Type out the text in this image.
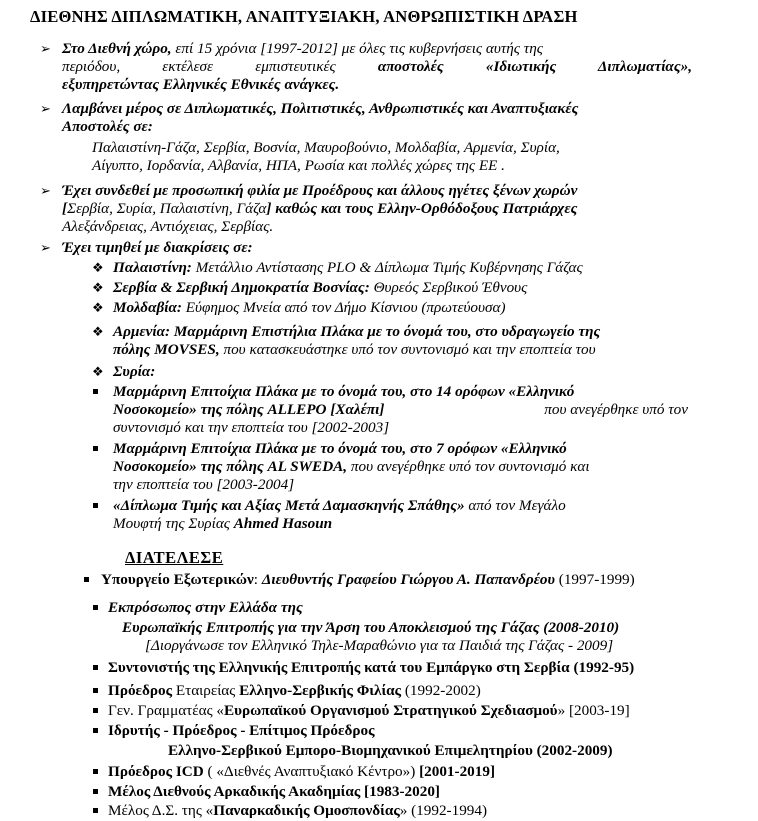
ΔΙΕΘΝΗΣ ΔΙΠΛΩΜΑΤΙΚΗ, ΑΝΑΠΤΥΞΙΑΚΗ, ΑΝΘΡΩΠΙΣΤΙΚΗ ΔΡΑΣΗ
➢ Στο Διεθνή χώρο, επί 15 χρόνια [1997-2012] με όλες τις κυβερνήσεις αυτής της
περιόδου, εκτέλεσε εμπιστευτικές αποστολές «Ιδιωτικής Διπλωματίας»,
εξυπηρετώντας Ελληνικές Εθνικές ανάγκες.
➢ Λαμβάνει μέρος σε Διπλωματικές, Πολιτιστικές, Ανθρωπιστικές και Αναπτυξιακές
Αποστολές σε:
Παλαιστίνη-Γάζα, Σερβία, Βοσνία, Μαυροβούνιο, Μολδαβία, Αρμενία, Συρία,
Αίγυπτο, Ιορδανία, Αλβανία, ΗΠΑ, Ρωσία και πολλές χώρες της ΕΕ .
➢ Έχει συνδεθεί με προσωπική φιλία με Προέδρους και άλλους ηγέτες ξένων χωρών
[Σερβία, Συρία, Παλαιστίνη, Γάζα] καθώς και τους Ελλην-Ορθόδοξους Πατριάρχες
Αλεξάνδρειας, Αντιόχειας, Σερβίας.
➢ Έχει τιμηθεί με διακρίσεις σε:
❖ Παλαιστίνη: Μετάλλιο Αντίστασης PLO & Δίπλωμα Τιμής Κυβέρνησης Γάζας
❖ Σερβία & Σερβική Δημοκρατία Βοσνίας: Θυρεός Σερβικού Έθνους
❖ Μολδαβία: Εύφημος Μνεία από τον Δήμο Κίσνιου (πρωτεύουσα)
❖ Αρμενία: Μαρμάρινη Επιστήλια Πλάκα με το όνομά του, στο υδραγωγείο της
πόλης MOVSES, που κατασκευάστηκε υπό τον συντονισμό και την εποπτεία του
❖ Συρία:
Μαρμάρινη Επιτοίχια Πλάκα με το όνομά του, στο 14 ορόφων «Ελληνικό
Νοσοκομείο» της πόλης ALLEPO [Χαλέπι]	που ανεγέρθηκε υπό τον
συντονισμό και την εποπτεία του [2002-2003]
Μαρμάρινη Επιτοίχια Πλάκα με το όνομά του, στο 7 ορόφων «Ελληνικό
Νοσοκομείο» της πόλης AL SWEDA, που ανεγέρθηκε υπό τον συντονισμό και
την εποπτεία του [2003-2004]
«Δίπλωμα Τιμής και Αξίας Μετά Δαμασκηνής Σπάθης» από τον Μεγάλο
Μουφτή της Συρίας Ahmed Hasoun
ΔΙΑΤΕΛΕΣΕ
Υπουργείο Εξωτερικών: Διευθυντής Γραφείου Γιώργου Α. Παπανδρέου (1997-1999)
Εκπρόσωπος στην Ελλάδα της
Ευρωπαϊκής Επιτροπής για την Άρση του Αποκλεισμού της Γάζας (2008-2010)
[Διοργάνωσε τον Ελληνικό Τηλε-Μαραθώνιο για τα Παιδιά της Γάζας - 2009]
Συντονιστής της Ελληνικής Επιτροπής κατά του Εμπάργκο στη Σερβία (1992-95)
Πρόεδρος Εταιρείας Ελληνο-Σερβικής Φιλίας (1992-2002)
Γεν. Γραμματέας «Ευρωπαϊκού Οργανισμού Στρατηγικού Σχεδιασμού» [2003-19]
Ιδρυτής - Πρόεδρος - Επίτιμος Πρόεδρος
Ελληνο-Σερβικού Εμπορο-Βιομηχανικού Επιμελητηρίου (2002-2009)
Πρόεδρος ICD ( «Διεθνές Αναπτυξιακό Κέντρο») [2001-2019]
Μέλος Διεθνούς Αρκαδικής Ακαδημίας [1983-2020]
Μέλος Δ.Σ. της «Παναρκαδικής Ομοσπονδίας» (1992-1994)
